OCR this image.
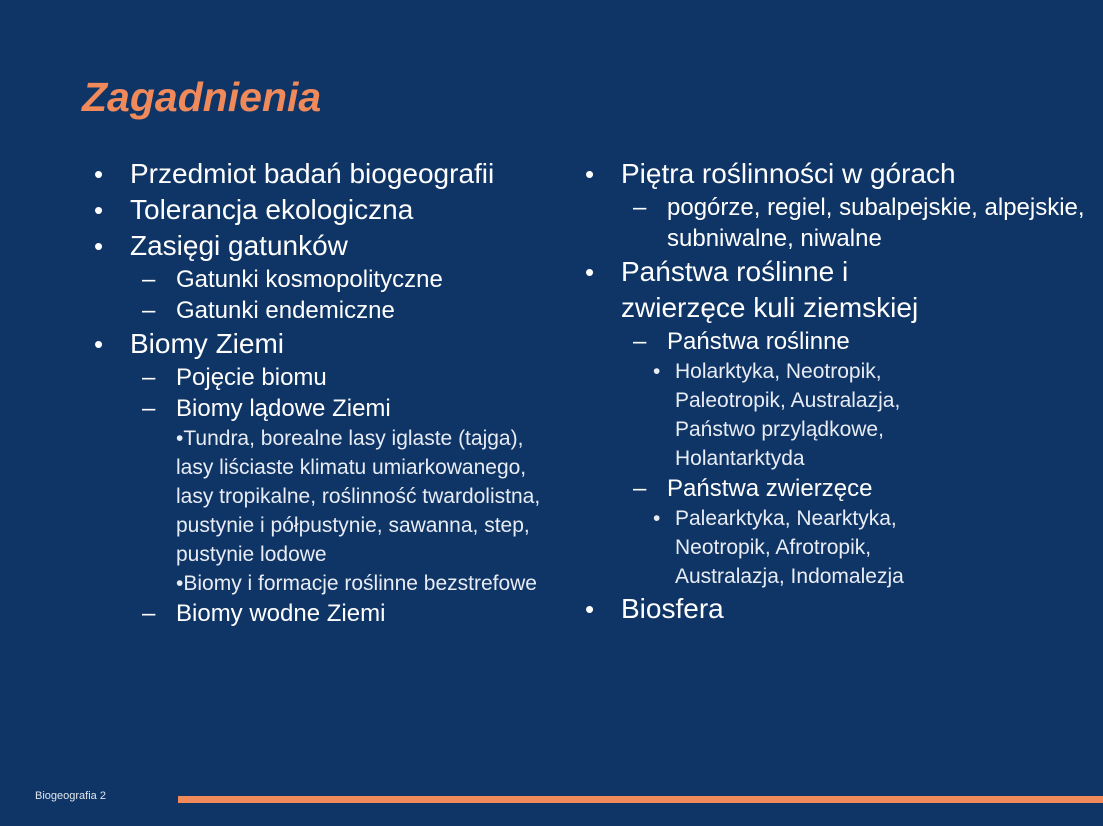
Zagadnienia
• Przedmiot badań biogeografii
• Tolerancja ekologiczna
• Zasięgi gatunków
– Gatunki kosmopolityczne
– Gatunki endemiczne
• Biomy Ziemi
– Pojęcie biomu
– Biomy lądowe Ziemi
•Tundra, borealne lasy iglaste (tajga), lasy liściaste klimatu umiarkowanego, lasy tropikalne, roślinność twardolistna, pustynie i półpustynie, sawanna, step, pustynie lodowe
•Biomy i formacje roślinne bezstrefowe
– Biomy wodne Ziemi
• Piętra roślinności w górach
– pogórze, regiel, subalpejskie, alpejskie, subniwalne, niwalne
• Państwa roślinne i zwierzęce kuli ziemskiej
– Państwa roślinne
• Holarktyka, Neotropik, Paleotropik, Australazja, Państwo przylądkowe, Holantarktyda
– Państwa zwierzęce
• Palearktyka, Nearktyka, Neotropik, Afrotropik, Australazja, Indomalezja
• Biosfera
Biogeografia 2
